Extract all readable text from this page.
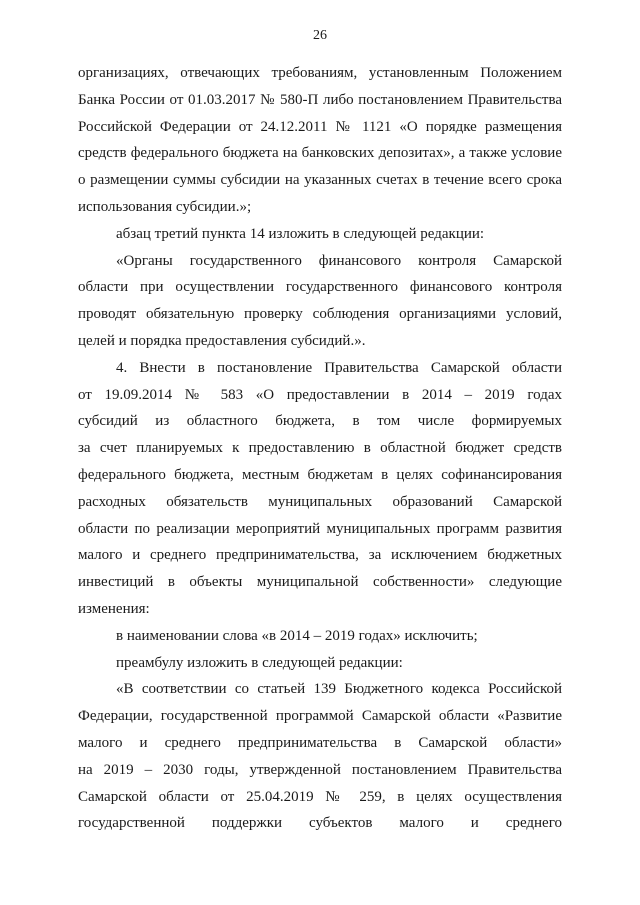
26
организациях, отвечающих требованиям, установленным Положением
Банка России от 01.03.2017 № 580-П либо постановлением Правительства
Российской Федерации от 24.12.2011 № 1121 «О порядке размещения
средств федерального бюджета на банковских депозитах», а также условие
о размещении суммы субсидии на указанных счетах в течение всего срока
использования субсидии.»;
абзац третий пункта 14 изложить в следующей редакции:
«Органы государственного финансового контроля Самарской
области при осуществлении государственного финансового контроля
проводят обязательную проверку соблюдения организациями условий,
целей и порядка предоставления субсидий.».
4. Внести в постановление Правительства Самарской области
от 19.09.2014 № 583 «О предоставлении в 2014 – 2019 годах
субсидий из областного бюджета, в том числе формируемых
за счет планируемых к предоставлению в областной бюджет средств
федерального бюджета, местным бюджетам в целях софинансирования
расходных обязательств муниципальных образований Самарской
области по реализации мероприятий муниципальных программ развития
малого и среднего предпринимательства, за исключением бюджетных
инвестиций в объекты муниципальной собственности» следующие
изменения:
в наименовании слова «в 2014 – 2019 годах» исключить;
преамбулу изложить в следующей редакции:
«В соответствии со статьей 139 Бюджетного кодекса Российской
Федерации, государственной программой Самарской области «Развитие
малого и среднего предпринимательства в Самарской области»
на 2019 – 2030 годы, утвержденной постановлением Правительства
Самарской области от 25.04.2019 № 259, в целях осуществления
государственной поддержки субъектов малого и среднего
